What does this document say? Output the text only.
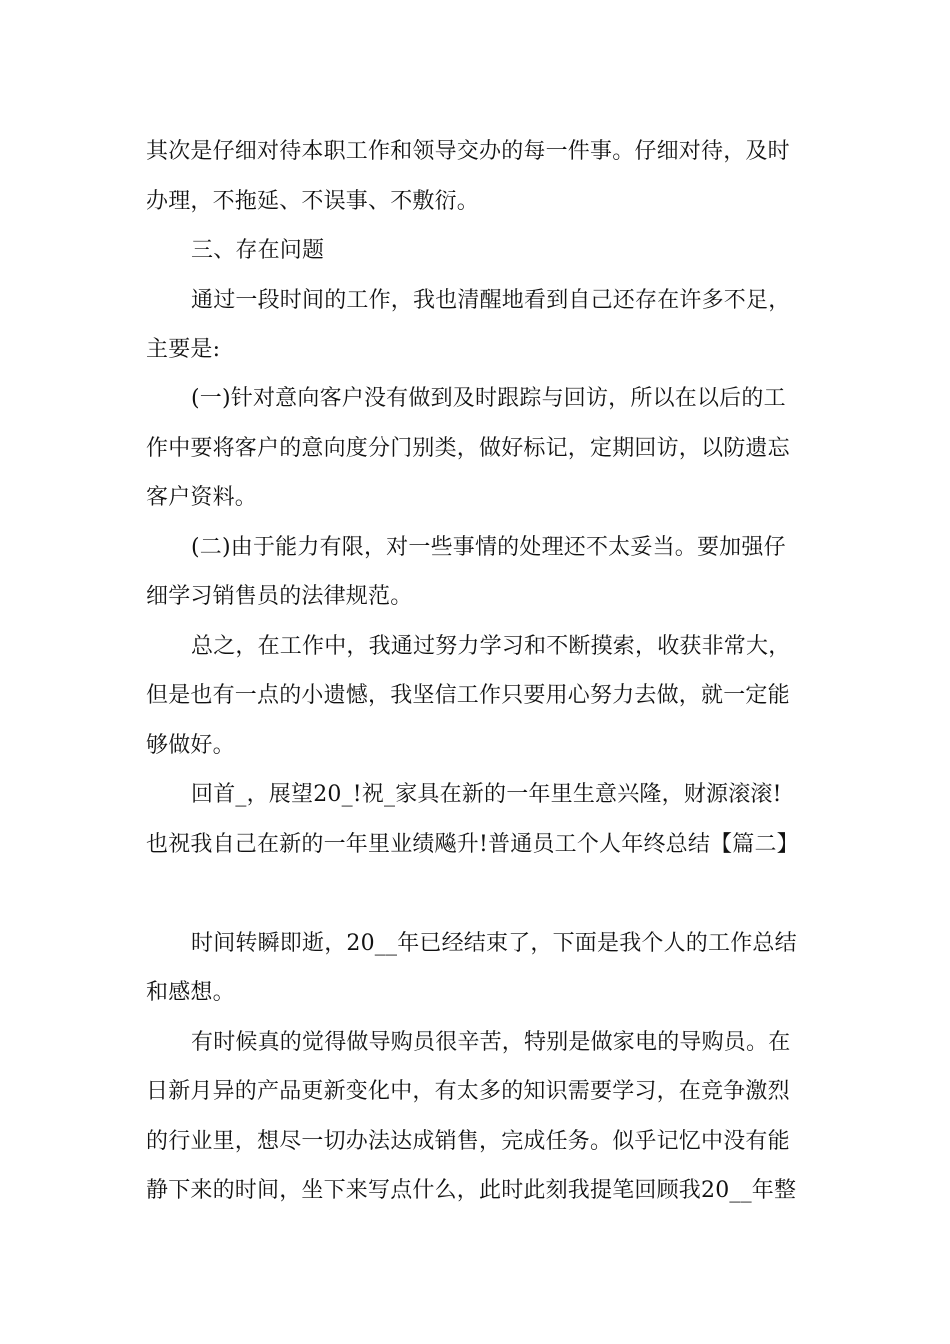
其次是仔细对待本职工作和领导交办的每一件事。仔细对待，及时
办理，不拖延、不误事、不敷衍。
三、存在问题
通过一段时间的工作，我也清醒地看到自己还存在许多不足，
主要是:
(一)针对意向客户没有做到及时跟踪与回访，所以在以后的工
作中要将客户的意向度分门别类，做好标记，定期回访，以防遗忘
客户资料。
(二)由于能力有限，对一些事情的处理还不太妥当。要加强仔
细学习销售员的法律规范。
总之，在工作中，我通过努力学习和不断摸索，收获非常大，
但是也有一点的小遗憾，我坚信工作只要用心努力去做，就一定能
够做好。
回首_，展望20_!祝_家具在新的一年里生意兴隆，财源滚滚!
也祝我自己在新的一年里业绩飚升!普通员工个人年终总结【篇二】
时间转瞬即逝，20__年已经结束了，下面是我个人的工作总结
和感想。
有时候真的觉得做导购员很辛苦，特别是做家电的导购员。在
日新月异的产品更新变化中，有太多的知识需要学习，在竞争激烈
的行业里，想尽一切办法达成销售，完成任务。似乎记忆中没有能
静下来的时间，坐下来写点什么，此时此刻我提笔回顾我20__年整
